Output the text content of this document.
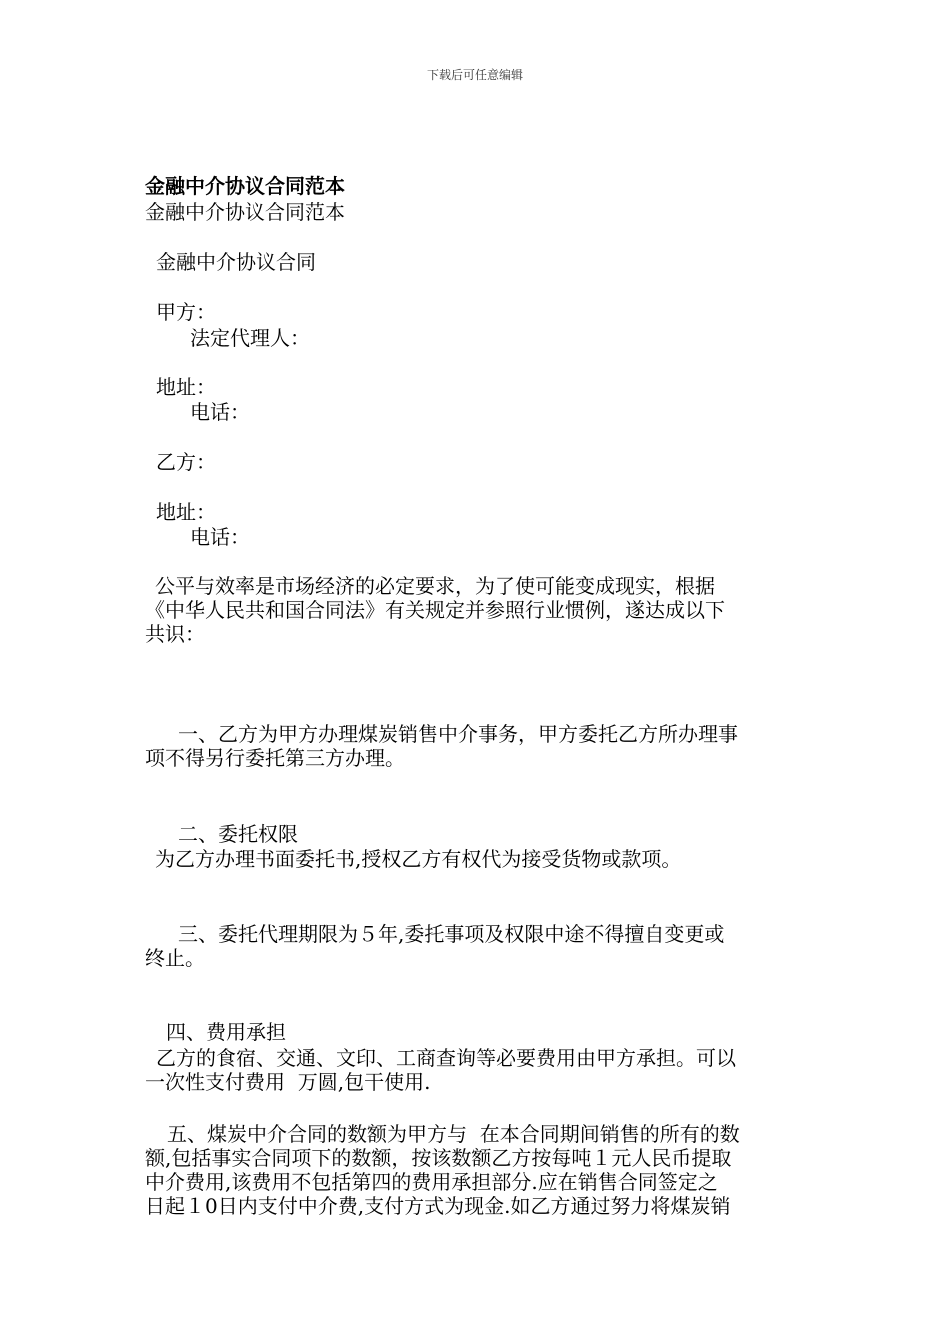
下载后可任意编辑
金融中介协议合同范本
金融中介协议合同范本
金融中介协议合同
甲方：
法定代理人：
地址：
电话：
乙方：
地址：
电话：
公平与效率是市场经济的必定要求，为了使可能变成现实，根据
《中华人民共和国合同法》有关规定并参照行业惯例，遂达成以下
共识：
一、乙方为甲方办理煤炭销售中介事务，甲方委托乙方所办理事
项不得另行委托第三方办理。
二、委托权限
为乙方办理书面委托书,授权乙方有权代为接受货物或款项。
三、委托代理期限为５年,委托事项及权限中途不得擅自变更或
终止。
四、费用承担
乙方的食宿、交通、文印、工商查询等必要费用由甲方承担。可以
一次性支付费用  万圆,包干使用.
五、煤炭中介合同的数额为甲方与  在本合同期间销售的所有的数
额,包括事实合同项下的数额，按该数额乙方按每吨１元人民币提取
中介费用,该费用不包括第四的费用承担部分.应在销售合同签定之
日起１0日内支付中介费,支付方式为现金.如乙方通过努力将煤炭销
